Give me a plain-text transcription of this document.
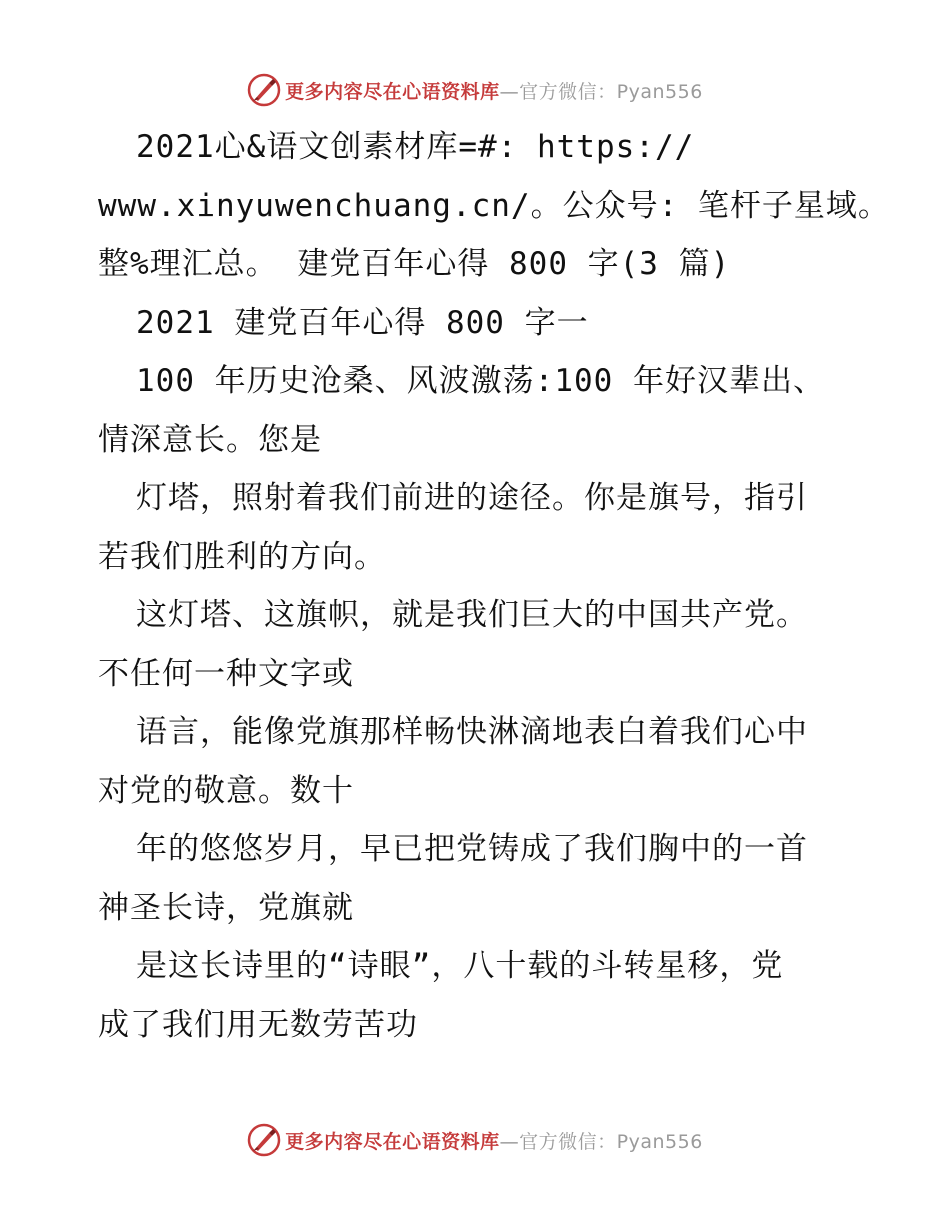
更多内容尽在心语资料库—官方微信：Pyan556
2021心&语文创素材库=#: https://
www.xinyuwenchuang.cn/。公众号: 笔杆子星域。
整%理汇总。 建党百年心得 800 字(3 篇)
2021 建党百年心得 800 字一
100 年历史沧桑、风波激荡:100 年好汉辈出、
情深意长。您是
灯塔，照射着我们前进的途径。你是旗号，指引
若我们胜利的方向。
这灯塔、这旗帜，就是我们巨大的中国共产党。
不任何一种文字或
语言，能像党旗那样畅快淋滴地表白着我们心中
对党的敬意。数十
年的悠悠岁月，早已把党铸成了我们胸中的一首
神圣长诗，党旗就
是这长诗里的“诗眼”，八十载的斗转星移，党
成了我们用无数劳苦功
更多内容尽在心语资料库—官方微信：Pyan556
